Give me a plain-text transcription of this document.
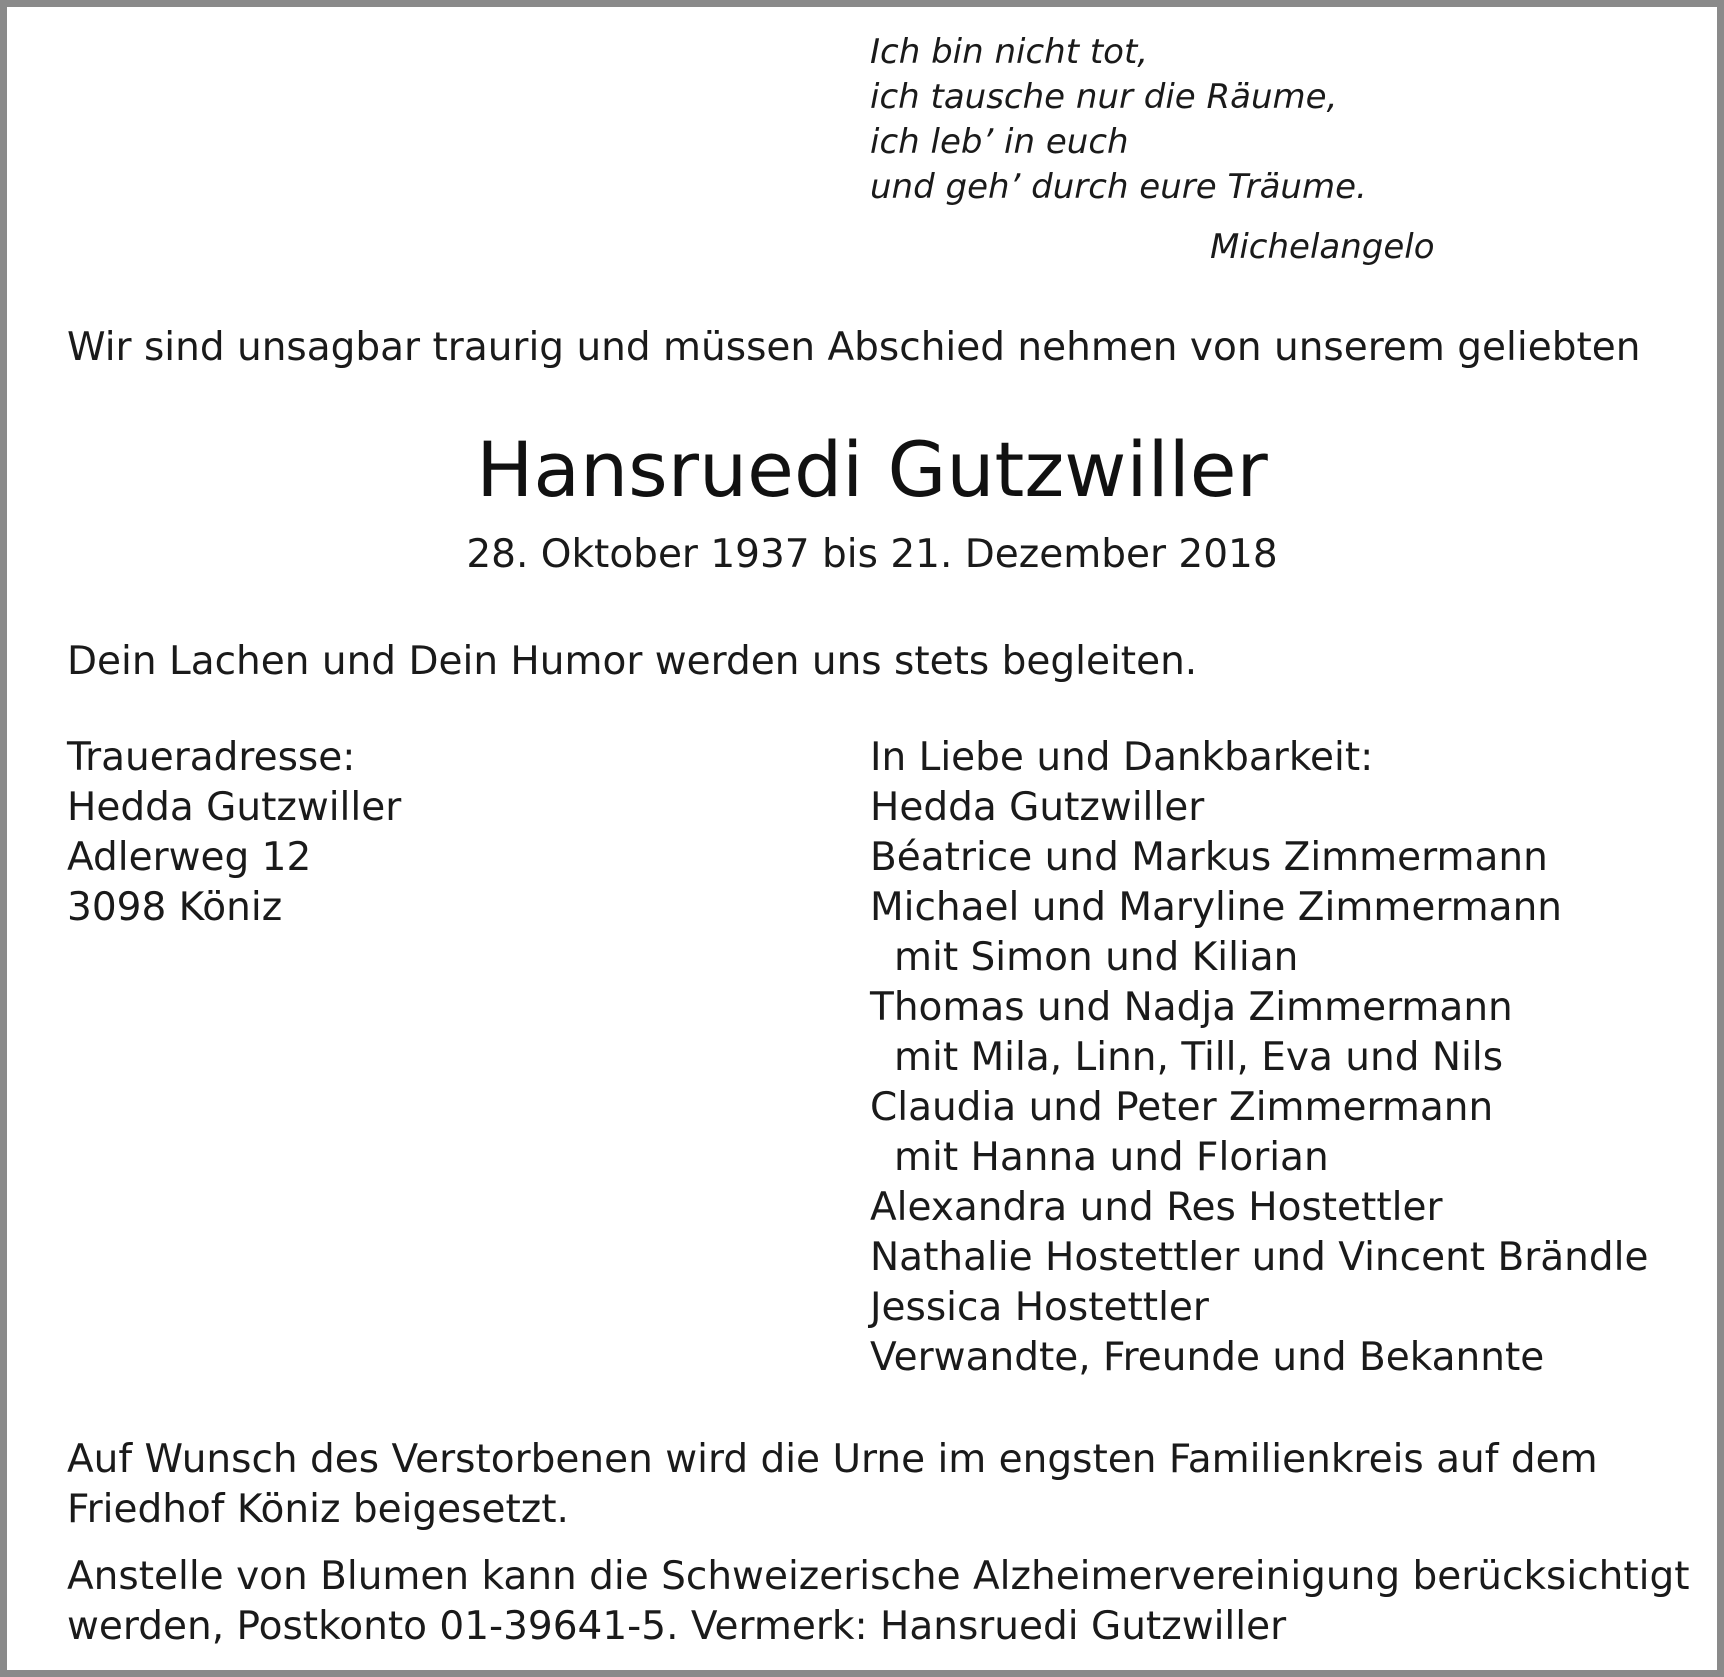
Ich bin nicht tot,
ich tausche nur die Räume,
ich leb’ in euch
und geh’ durch eure Träume.
Michelangelo
Wir sind unsagbar traurig und müssen Abschied nehmen von unserem geliebten
Hansruedi Gutzwiller
28. Oktober 1937 bis 21. Dezember 2018
Dein Lachen und Dein Humor werden uns stets begleiten.
Traueradresse:
Hedda Gutzwiller
Adlerweg 12
3098 Köniz
In Liebe und Dankbarkeit:
Hedda Gutzwiller
Béatrice und Markus Zimmermann
Michael und Maryline Zimmermann
mit Simon und Kilian
Thomas und Nadja Zimmermann
mit Mila, Linn, Till, Eva und Nils
Claudia und Peter Zimmermann
mit Hanna und Florian
Alexandra und Res Hostettler
Nathalie Hostettler und Vincent Brändle
Jessica Hostettler
Verwandte, Freunde und Bekannte
Auf Wunsch des Verstorbenen wird die Urne im engsten Familienkreis auf dem
Friedhof Köniz beigesetzt.
Anstelle von Blumen kann die Schweizerische Alzheimervereinigung berücksichtigt
werden, Postkonto 01-39641-5. Vermerk: Hansruedi Gutzwiller
